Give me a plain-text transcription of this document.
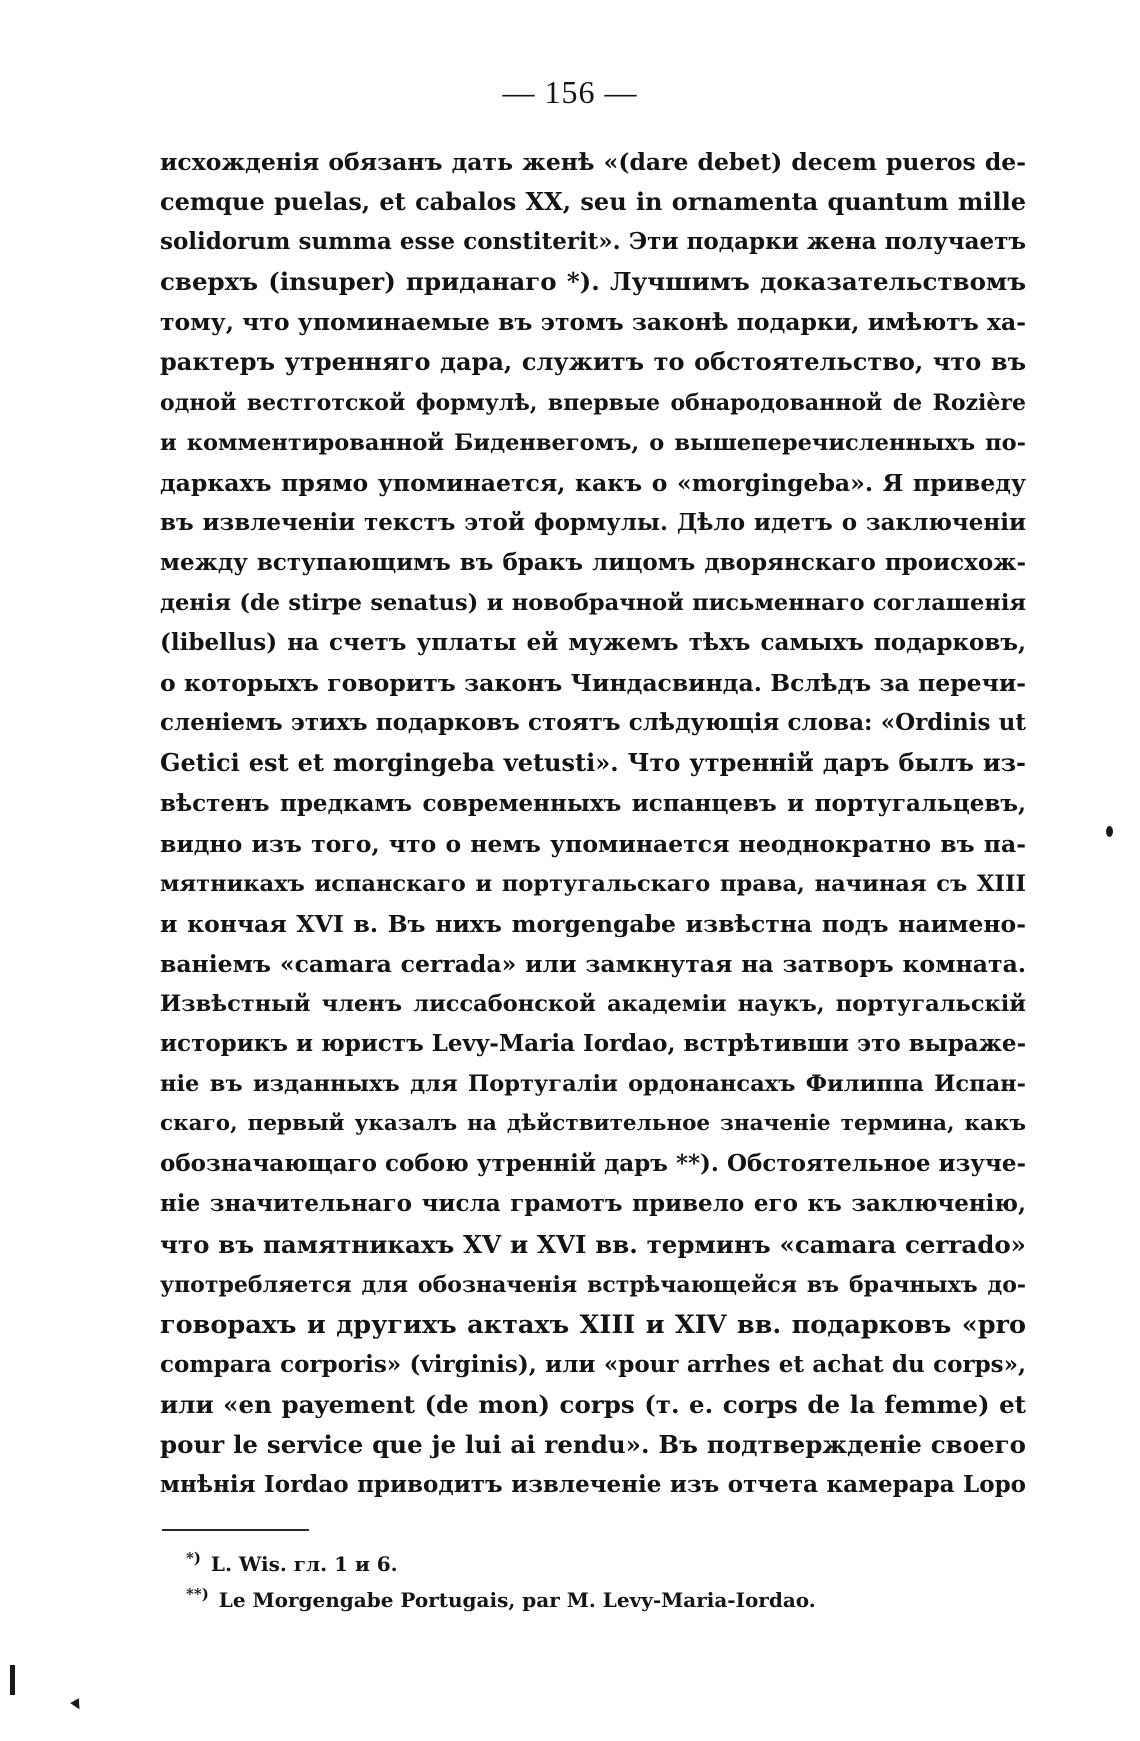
— 156 —
исхожденія обязанъ дать женѣ «(dare debet) decem pueros de-
cemque puelas, et cabalos XX, seu in ornamenta quantum mille
solidorum summa esse constiterit». Эти подарки жена получаетъ
сверхъ (insuper) приданаго *). Лучшимъ доказательствомъ
тому, что упоминаемые въ этомъ законѣ подарки, имѣютъ ха-
рактеръ утренняго дара, служитъ то обстоятельство, что въ
одной вестготской формулѣ, впервые обнародованной de Rozière
и комментированной Биденвегомъ, о вышеперечисленныхъ по-
даркахъ прямо упоминается, какъ о «morgingeba». Я приведу
въ извлеченіи текстъ этой формулы. Дѣло идетъ о заключеніи
между вступающимъ въ бракъ лицомъ дворянскаго происхож-
денія (de stirpe senatus) и новобрачной письменнаго соглашенія
(libellus) на счетъ уплаты ей мужемъ тѣхъ самыхъ подарковъ,
о которыхъ говоритъ законъ Чиндасвинда. Вслѣдъ за перечи-
сленіемъ этихъ подарковъ стоятъ слѣдующія слова: «Ordinis ut
Getici est et morgingeba vetusti». Что утренній даръ былъ из-
вѣстенъ предкамъ современныхъ испанцевъ и португальцевъ,
видно изъ того, что о немъ упоминается неоднократно въ па-
мятникахъ испанскаго и португальскаго права, начиная съ XIII
и кончая XVI в. Въ нихъ morgengabe извѣстна подъ наимено-
ваніемъ «camara cerrada» или замкнутая на затворъ комната.
Извѣстный членъ лиссабонской академіи наукъ, португальскій
историкъ и юристъ Levy-Maria Iordao, встрѣтивши это выраже-
ніе въ изданныхъ для Португаліи ордонансахъ Филиппа Испан-
скаго, первый указалъ на дѣйствительное значеніе термина, какъ
обозначающаго собою утренній даръ **). Обстоятельное изуче-
ніе значительнаго числа грамотъ привело его къ заключенію,
что въ памятникахъ XV и XVI вв. терминъ «camara cerrado»
употребляется для обозначенія встрѣчающейся въ брачныхъ до-
говорахъ и другихъ актахъ XIII и XIV вв. подарковъ «pro
compara corporis» (virginis), или «pour arrhes et achat du corps»,
или «en payement (de mon) corps (т. е. corps de la femme) et
pour le service que je lui ai rendu». Въ подтвержденіе своего
мнѣнія Iordao приводитъ извлеченіе изъ отчета камерара Lopo
*) L. Wis. гл. 1 и 6.
**) Le Morgengabe Portugais, par M. Levy-Maria-Iordao.
